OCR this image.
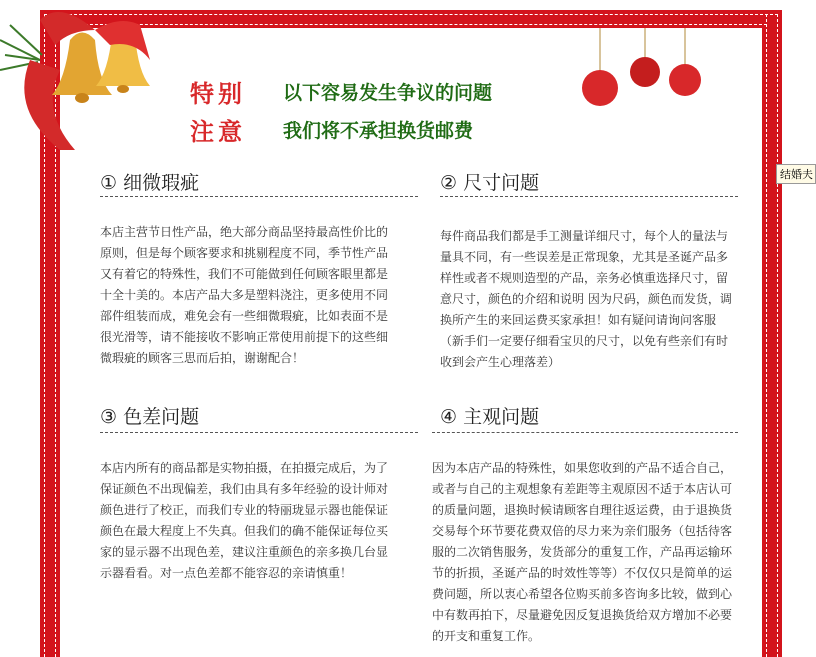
特别 以下容易发生争议的问题
注意 我们将不承担换货邮费
结婚夫
① 细微瑕疵
本店主营节日性产品，绝大部分商品坚持最高性价比的原则，但是每个顾客要求和挑剔程度不同，季节性产品又有着它的特殊性，我们不可能做到任何顾客眼里都是十全十美的。本店产品大多是塑料浇注，更多使用不同部件组装而成，难免会有一些细微瑕疵，比如表面不是很光滑等，请不能接收不影响正常使用前提下的这些细微瑕疵的顾客三思而后拍，谢谢配合！
② 尺寸问题
每件商品我们都是手工测量详细尺寸，每个人的量法与量具不同，有一些误差是正常现象，尤其是圣诞产品多样性或者不规则造型的产品，亲务必慎重选择尺寸，留意尺寸，颜色的介绍和说明 因为尺码，颜色而发货，调换所产生的来回运费买家承担！如有疑问请询问客服（新手们一定要仔细看宝贝的尺寸，以免有些亲们有时收到会产生心理落差）
③ 色差问题
本店内所有的商品都是实物拍摄，在拍摄完成后，为了保证颜色不出现偏差，我们由具有多年经验的设计师对颜色进行了校正，而我们专业的特丽珑显示器也能保证颜色在最大程度上不失真。但我们的确不能保证每位买家的显示器不出现色差，建议注重颜色的亲多换几台显示器看看。对一点色差都不能容忍的亲请慎重！
④ 主观问题
因为本店产品的特殊性，如果您收到的产品不适合自己，或者与自己的主观想象有差距等主观原因不适于本店认可的质量问题，退换时候请顾客自理往返运费，由于退换货交易每个环节要花费双倍的尽力来为亲们服务（包括待客服的二次销售服务，发货部分的重复工作，产品再运输环节的折损，圣诞产品的时效性等等）不仅仅只是简单的运费问题，所以衷心希望各位购买前多咨询多比较，做到心中有数再拍下，尽量避免因反复退换货给双方增加不必要的开支和重复工作。
